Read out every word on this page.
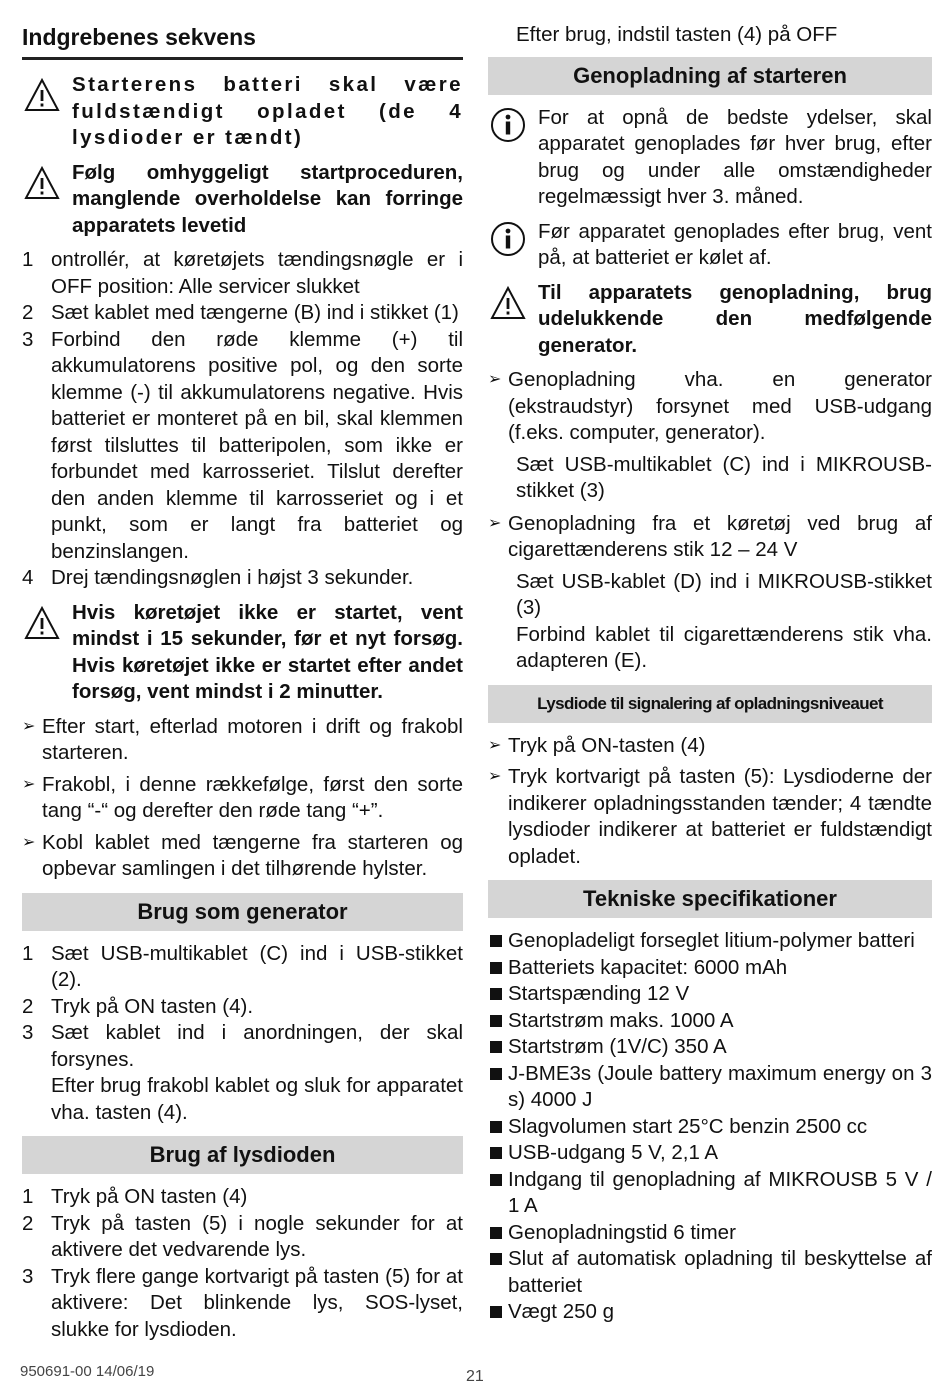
Indgrebenes sekvens

Starterens batteri skal være fuldstændigt opladet (de 4 lysdioder er tændt)

Følg omhyggeligt startproceduren, manglende overholdelse kan forringe apparatets levetid

1 ontrollér, at køretøjets tændingsnøgle er i OFF position: Alle servicer slukket
2 Sæt kablet med tængerne (B) ind i stikket (1)
3 Forbind den røde klemme (+) til akkumulatorens positive pol, og den sorte klemme (-) til akkumulatorens negative. Hvis batteriet er monteret på en bil, skal klemmen først tilsluttes til batteripolen, som ikke er forbundet med karrosseriet. Tilslut derefter den anden klemme til karrosseriet og i et punkt, som er langt fra batteriet og benzinslangen.
4 Drej tændingsnøglen i højst 3 sekunder.

Hvis køretøjet ikke er startet, vent mindst i 15 sekunder, før et nyt forsøg. Hvis køretøjet ikke er startet efter andet forsøg, vent mindst i 2 minutter.

➢ Efter start, efterlad motoren i drift og frakobl starteren.
➢ Frakobl, i denne rækkefølge, først den sorte tang “-“ og derefter den røde tang “+”.
➢ Kobl kablet med tængerne fra starteren og opbevar samlingen i det tilhørende hylster.
Brug som generator
1 Sæt USB-multikablet (C) ind i USB-stikket (2).
2 Tryk på ON tasten (4).
3 Sæt kablet ind i anordningen, der skal forsynes.

Efter brug frakobl kablet og sluk for apparatet vha. tasten (4).

Brug af lysdioden
1 Tryk på ON tasten (4)
2 Tryk på tasten (5) i nogle sekunder for at aktivere det vedvarende lys.
3 Tryk flere gange kortvarigt på tasten (5) for at aktivere: Det blinkende lys, SOS-lyset, slukke for lysdioden.

Efter brug, indstil tasten (4) på OFF

Genopladning af starteren

For at opnå de bedste ydelser, skal apparatet genoplades før hver brug, efter brug og under alle omstændigheder regelmæssigt hver 3. måned.

Før apparatet genoplades efter brug, vent på, at batteriet er kølet af.

Til apparatets genopladning, brug udelukkende den medfølgende generator.

➢ Genopladning vha. en generator (ekstraudstyr) forsynet med USB-udgang (f.eks. computer, generator).

Sæt USB-multikablet (C) ind i MIKROUSB-stikket (3)

➢ Genopladning fra et køretøj ved brug af cigarettænderens stik 12 – 24 V

Sæt USB-kablet (D) ind i MIKROUSB-stikket (3)

Forbind kablet til cigarettænderens stik vha. adapteren (E).

Lysdiode til signalering af opladningsniveauet
➢ Tryk på ON-tasten (4)
➢ Tryk kortvarigt på tasten (5): Lysdioderne der indikerer opladningsstanden tænder; 4 tændte lysdioder indikerer at batteriet er fuldstændigt opladet.
Tekniske specifikationer
Genopladeligt forseglet litium-polymer batteri
Batteriets kapacitet: 6000 mAh
Startspænding 12 V
Startstrøm maks. 1000 A
Startstrøm (1V/C) 350 A
J-BME3s (Joule battery maximum energy on 3 s) 4000 J
Slagvolumen start 25°C benzin 2500 cc
USB-udgang 5 V, 2,1 A
Indgang til genopladning af MIKROUSB 5 V / 1 A
Genopladningstid 6 timer
Slut af automatisk opladning til beskyttelse af batteriet
Vægt 250 g
950691-00 14/06/19	21
